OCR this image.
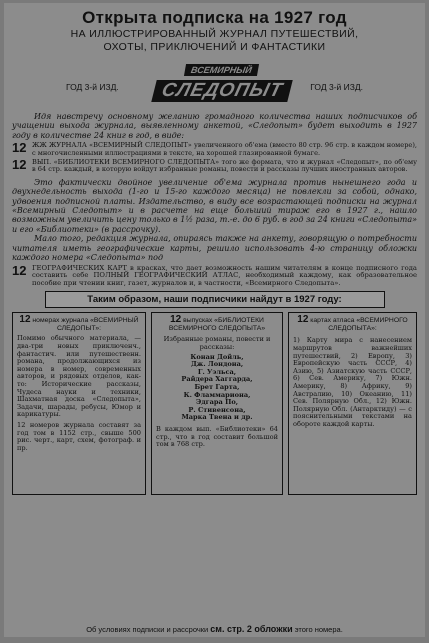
Открыта подписка на 1927 год
НА ИЛЛЮСТРИРОВАННЫЙ ЖУРНАЛ ПУТЕШЕСТВИЙ,
ОХОТЫ, ПРИКЛЮЧЕНИЙ И ФАНТАСТИКИ
ГОД 3-й ИЗД.
ВСЕМИРНЫЙ
СЛЕДОПЫТ	ГОД 3-й ИЗД.
Идя навстречу основному желанию громадного количества наших подписчиков об учащении выхода журнала, выявленному анкетой, «Следопыт» будет выходить в 1927 году в количестве 24 книг в год, в виде:
12 ЖЖ ЖУРНАЛА «ВСЕМИРНЫЙ СЛЕДОПЫТ» увеличенного об'ема (вместо 80 стр. 96 стр. в каждом номере), с многочисленными иллюстрациями в тексте, на хорошей глазированной бумаге.
12 ВЫП. «БИБЛИОТЕКИ ВСЕМИРНОГО СЛЕДОПЫТА» того же формата, что и журнал «Следопыт», по об'ему в 64 стр. каждый, в которую войдут избранные романы, повести и рассказы лучших иностранных авторов.
Это фактически двойное увеличение об'ема журнала против нынешнего года и двухнедельность выхода (1-го и 15-го каждого месяца) не повлекли за собой, однако, удвоения подписной платы. Издательство, в виду все возрастающей подписки на журнал «Всемирный Следопыт» и в расчете на еще больший тираж его в 1927 г., нашло возможным увеличить цену только в 1½ раза, т.-е. до 6 руб. в год за 24 книги «Следопыта» и его «Библиотеки» (в рассрочку).
Мало того, редакция журнала, опираясь также на анкету, говорящую о потребности читателя иметь географические карты, решило использовать 4-ю страницу обложки каждого номера «Следопыта» под
12 ГЕОГРАФИЧЕСКИХ КАРТ в красках, что дает возможность нашим читателям в конце подписного года составить себе ПОЛНЫЙ ГЕОГРАФИЧЕСКИЙ АТЛАС, необходимый каждому, как образовательное пособие при чтении книг, газет, журналов и, в частности, «Всемирного Следопыта».
Таким образом, наши подписчики найдут в 1927 году:
12 номерах журнала «ВСЕМИРНЫЙ СЛЕДОПЫТ»:
Помимо обычного материала, — два-три новых приключенч., фантастич. или путешественн. романа, продолжающихся из номера в номер, современных авторов, и рядовых отделов, как-то: Исторические рассказы, Чудеса науки и техники, Шахматная доска «Следопыта», Задачи, шарады, ребусы, Юмор и карикатуры.
12 номеров журнала составят за год том в 1152 стр., свыше 500 рис. черт., карт, схем, фотограф. и пр.
12 выпусках «БИБЛИОТЕКИ ВСЕМИРНОГО СЛЕДОПЫТА»
Избранные романы, повести и рассказы:
Конан Дойль,
Дж. Лондона,
Г. Уэльса,
Райдера Хаггарда,
Брет Гарта,
К. Фламмариона,
Эдгара По,
Р. Стивенсона,
Марка Твена и др.
В каждом вып. «Библиотеки» 64 стр., что в год составит большой том в 768 стр.
12 картах атласа «ВСЕМИРНОГО СЛЕДОПЫТА»:
1) Карту мира с нанесением маршрутов важнейших путешествий, 2) Европу, 3) Европейскую часть СССР, 4) Азию, 5) Азиатскую часть СССР, 6) Сев. Америку, 7) Южн. Америку, 8) Африку, 9) Австралию, 10) Океанию, 11) Сев. Полярную Обл., 12) Южн. Полярную Обл. (Антарктиду) — с пояснительными текстами на обороте каждой карты.
Об условиях подписки и рассрочки см. стр. 2 обложки этого номера.
